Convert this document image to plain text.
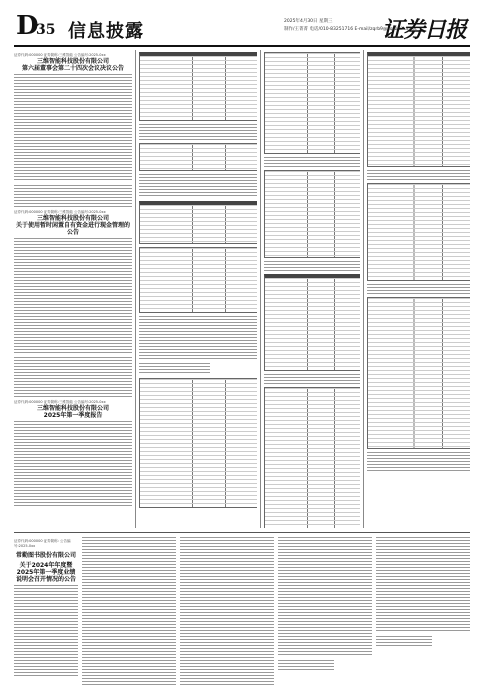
D
35 信息披露	2025年4月30日 星期三
制作/王菁菁 电话/010-83251716 E-mail/zqrb9@zqrb.sina.net
证券日报
证券代码:000000 证券简称:三维智能 公告编号:2025-0xx
三维智能科技股份有限公司
第六届董事会第二十四次会议决议公告
证券代码:000000 证券简称:三维智能 公告编号:2025-0xx
三维智能科技股份有限公司
关于使用暂时闲置自有资金进行现金管理的公告
证券代码:000000 证券简称:三维智能 公告编号:2025-0xx
三维智能科技股份有限公司
2025年第一季度报告
证券代码:000000 证券简称: 公告编号:2025-0xx
常勤图书股份有限公司
关于2024年年度暨2025年第一季度业绩说明会召开情况的公告
